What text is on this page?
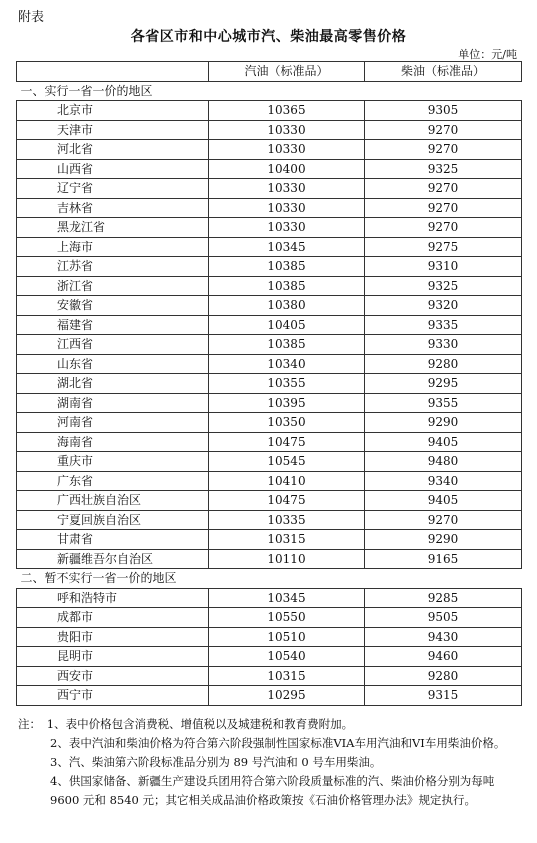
附表
各省区市和中心城市汽、柴油最高零售价格
单位：元/吨
	汽油（标准品）	柴油（标准品）
一、实行一省一价的地区		
北京市	10365	9305
天津市	10330	9270
河北省	10330	9270
山西省	10400	9325
辽宁省	10330	9270
吉林省	10330	9270
黑龙江省	10330	9270
上海市	10345	9275
江苏省	10385	9310
浙江省	10385	9325
安徽省	10380	9320
福建省	10405	9335
江西省	10385	9330
山东省	10340	9280
湖北省	10355	9295
湖南省	10395	9355
河南省	10350	9290
海南省	10475	9405
重庆市	10545	9480
广东省	10410	9340
广西壮族自治区	10475	9405
宁夏回族自治区	10335	9270
甘肃省	10315	9290
新疆维吾尔自治区	10110	9165
二、暂不实行一省一价的地区		
呼和浩特市	10345	9285
成都市	10550	9505
贵阳市	10510	9430
昆明市	10540	9460
西安市	10315	9280
西宁市	10295	9315

注：　1、表中价格包含消费税、增值税以及城建税和教育费附加。

2、表中汽油和柴油价格为符合第六阶段强制性国家标准VIA车用汽油和VI车用柴油价格。

3、汽、柴油第六阶段标准品分别为 89 号汽油和 0 号车用柴油。

4、供国家储备、新疆生产建设兵团用符合第六阶段质量标准的汽、柴油价格分别为每吨 9600 元和 8540 元；其它相关成品油价格政策按《石油价格管理办法》规定执行。
